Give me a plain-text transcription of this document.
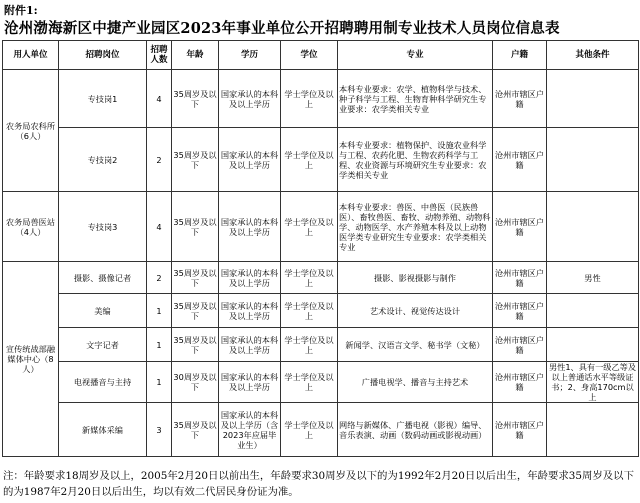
附件1:
沧州渤海新区中捷产业园区2023年事业单位公开招聘聘用制专业技术人员岗位信息表
用人单位	招聘岗位	招聘人数	年龄	学历	学位	专业	户籍	其他条件
农务局农科所（6人）	专技岗1	4	35周岁及以下	国家承认的本科及以上学历	学士学位及以上	本科专业要求：农学、植物科学与技术、种子科学与工程、生物育种科学研究生专业要求：农学类相关专业	沧州市辖区户籍	
	专技岗2	2	35周岁及以下	国家承认的本科及以上学历	学士学位及以上	本科专业要求：植物保护、设施农业科学与工程、农药化肥、生物农药科学与工程、农业资源与环境研究生专业要求：农学类相关专业	沧州市辖区户籍	
农务局兽医站（4人）	专技岗3	4	35周岁及以下	国家承认的本科及以上学历	学士学位及以上	本科专业要求：兽医、中兽医（民族兽医）、畜牧兽医、畜牧、动物养殖、动物科学、动物医学、水产养殖本科及以上动物医学类专业研究生专业要求：农学类相关专业	沧州市辖区户籍	
宣传统战部融媒体中心（8人）	摄影、摄像记者	2	35周岁及以下	国家承认的本科及以上学历	学士学位及以上	摄影、影视摄影与制作	沧州市辖区户籍	男性
	美编	1	35周岁及以下	国家承认的本科及以上学历	学士学位及以上	艺术设计、视觉传达设计	沧州市辖区户籍	
	文字记者	1	35周岁及以下	国家承认的本科及以上学历	学士学位及以上	新闻学、汉语言文学、秘书学（文秘）	沧州市辖区户籍	
	电视播音与主持	1	30周岁及以下	国家承认的本科及以上学历	学士学位及以上	广播电视学、播音与主持艺术	沧州市辖区户籍	男性1、具有一级乙等及以上普通话水平等级证书；2、身高170cm以上
	新媒体采编	3	35周岁及以下	国家承认的本科及以上学历（含2023年应届毕业生）	学士学位及以上	网络与新媒体、广播电视（影视）编导、音乐表演、动画（数码动画或影视动画）	沧州市辖区户籍	
注：年龄要求18周岁及以上，2005年2月20日以前出生，年龄要求30周岁及以下的为1992年2月20日以后出生，年龄要求35周岁及以下的为1987年2月20日以后出生，均以有效二代居民身份证为准。
